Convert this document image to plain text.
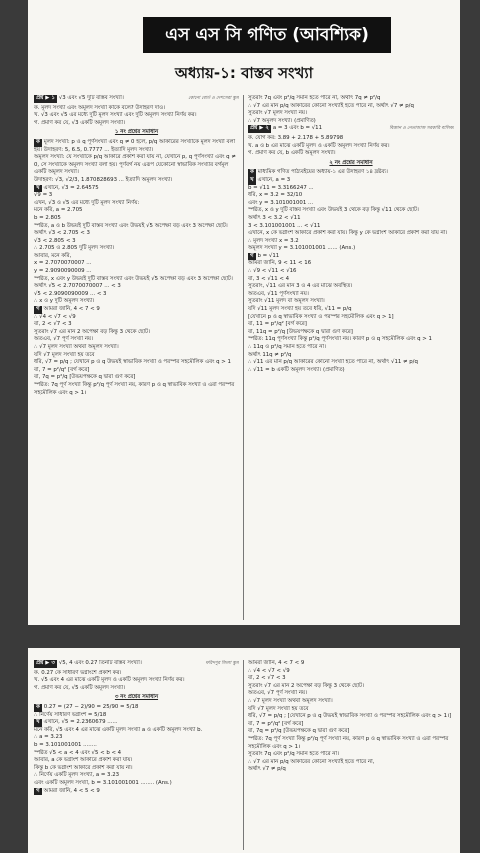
এস এস সি গণিত (আবশ্যিক)
অধ্যায়-১: বাস্তব সংখ্যা
প্রশ্ন ▶ ১ √3 এবং √5 দুটি বাস্তব সংখ্যা।	কোনো বোর্ড ও দেশসেরা স্কুল
ক. মূলদ সংখ্যা এবং অমূলদ সংখ্যা কাকে বলে? উদাহরণ দাও।
খ. √3 এবং √5 এর মধ্যে দুটি মূলদ সংখ্যা এবং দুটি অমূলদ সংখ্যা নির্ণয় কর।
গ. প্রমাণ কর যে, √3 একটি অমূলদ সংখ্যা।
১ নং প্রশ্নের সমাধান
ক মূলদ সংখ্যা: p ও q পূর্ণসংখ্যা এবং q ≠ 0 হলে, p/q আকারের সংখ্যাকে মূলদ সংখ্যা বলা হয়। উদাহরণ: 5, 6.5, 0.7777 ... ইত্যাদি মূলদ সংখ্যা।
অমূলদ সংখ্যা: যে সংখ্যাকে p/q আকারে প্রকাশ করা যায় না, যেখানে p, q পূর্ণসংখ্যা এবং q ≠ 0, সে সংখ্যাকে অমূলদ সংখ্যা বলা হয়। পূর্ণবর্গ নয় এরূপ যেকোনো স্বাভাবিক সংখ্যার বর্গমূল একটি অমূলদ সংখ্যা।
উদাহরণ: √3, √2/3, 1.870828693 ... ইত্যাদি অমূলদ সংখ্যা।
খ এখানে, √3 = 2.64575
√9 = 3
এখন, √3 ও √5 এর মধ্যে দুটি মূলদ সংখ্যা নির্ণয়:
মনে করি, a = 2.705
b = 2.805
স্পষ্টত, a ও b উভয়ই দুটি বাস্তব সংখ্যা এবং উভয়ই √5 অপেক্ষা বড় এবং 3 অপেক্ষা ছোট।
অর্থাৎ √3 < 2.705 < 3
√3 < 2.805 < 3
∴ 2.705 ও 2.805 দুটি মূলদ সংখ্যা।
আবার, মনে করি,
x = 2.7070070007 ...
y = 2.9090090009 ...
স্পষ্টত, x এবং y উভয়ই দুটি বাস্তব সংখ্যা এবং উভয়ই √5 অপেক্ষা বড় এবং 3 অপেক্ষা ছোট।
অর্থাৎ √5 < 2.7070070007 ... < 3
√5 < 2.9090090009 ... < 3
∴ x ও y দুটি অমূলদ সংখ্যা।
গ আমরা জানি, 4 < 7 < 9
∴ √4 < √7 < √9
বা, 2 < √7 < 3
সুতরাং √7 এর মান 2 অপেক্ষা বড় কিন্তু 3 থেকে ছোট।
অতএব, √7 পূর্ণ সংখ্যা নয়।
∴ √7 মূলদ সংখ্যা অথবা অমূলদ সংখ্যা।
যদি √7 মূলদ সংখ্যা হয় তবে
ধরি, √7 = p/q ; যেখানে p ও q উভয়ই স্বাভাবিক সংখ্যা ও পরস্পর সহমৌলিক এবং q > 1
বা, 7 = p²/q² [বর্গ করে]
বা, 7q = p²/q [উভয়পক্ষকে q দ্বারা গুণ করে]
স্পষ্টত: 7q পূর্ণ সংখ্যা কিন্তু p²/q পূর্ণ সংখ্যা নয়, কারণ p ও q স্বাভাবিক সংখ্যা ও এরা পরস্পর সহমৌলিক এবং q > 1।
সুতরাং 7q এবং p²/q সমান হতে পারে না, অর্থাৎ 7q ≠ p²/q
∴ √7 এর মান p/q আকারের কোনো সংখ্যাই হতে পারে না, অর্থাৎ √7 ≠ p/q
সুতরাং √7 মূলদ সংখ্যা নয়।
∴ √7 অমূলদ সংখ্যা। (প্রমাণিত)
প্রশ্ন ▶ ২ a = 3 এবং b = √11	বিজ্ঞান ও নেতাজাজ সরকারি বালিকা
ক. যোগ কর: 3.89 + 2.178 + 5.89798
খ. a ও b এর মাঝে একটি মূলদ ও একটি অমূলদ সংখ্যা নির্ণয় কর।
গ. প্রমাণ কর যে, b একটি অমূলদ সংখ্যা।
২ নং প্রশ্নের সমাধান
ক মাধ্যমিক গণিত পাঠ্যবইয়ের অধ্যায়-১ এর উদাহরণ ১৪ দ্রষ্টব্য।
খ এখানে, a = 3
b = √11 = 3.3166247 ...
ধরি, x = 3.2 = 32/10
এবং y = 3.101001001 ...
স্পষ্টত, x ও y দুটি বাস্তব সংখ্যা এবং উভয়ই 3 থেকে বড় কিন্তু √11 থেকে ছোট।
অর্থাৎ 3 < 3.2 < √11
3 < 3.101001001 ... < √11
এখানে, x কে ভগ্নাংশ আকারে প্রকাশ করা যায়। কিন্তু y কে ভগ্নাংশ আকারে প্রকাশ করা যায় না।
∴ মূলদ সংখ্যা x = 3.2
অমূলদ সংখ্যা y = 3.101001001 ...... (Ans.)
গ b = √11
আমরা জানি, 9 < 11 < 16
∴ √9 < √11 < √16
বা, 3 < √11 < 4
সুতরাং, √11 এর মান 3 ও 4 এর মাঝে অবস্থিত।
অতএব, √11 পূর্ণসংখ্যা নয়।
সুতরাং √11 মূলদ বা অমূলদ সংখ্যা।
যদি √11 মূলদ সংখ্যা হয় তবে ধরি, √11 = p/q
[যেখানে p ও q স্বাভাবিক সংখ্যা ও পরস্পর সহমৌলিক এবং q > 1]
বা, 11 = p²/q² [বর্গ করে]
বা, 11q = p²/q [উভয়পক্ষকে q দ্বারা গুণ করে]
স্পষ্টত: 11q পূর্ণসংখ্যা কিন্তু p²/q পূর্ণসংখ্যা নয়। কারণ p ও q সহমৌলিক এবং q > 1
∴ 11q ও p²/q সমান হতে পারে না।
অর্থাৎ 11q ≠ p²/q
∴ √11 এর মান p/q আকারের কোনো সংখ্যা হতে পারে না, অর্থাৎ √11 ≠ p/q
∴ √11 = b একটি অমূলদ সংখ্যা। (প্রমাণিত)
প্রশ্ন ▶ ৩ √5, 4 এবং 0.27 তিনটি বাস্তব সংখ্যা।	ফরিদপুর জিলা স্কুল
ক. 0.27 কে সাধারণ ভগ্নাংশে প্রকাশ কর।
খ. √5 এবং 4 এর মাঝে একটি মূলদ ও একটি অমূলদ সংখ্যা নির্ণয় কর।
গ. প্রমাণ কর যে, √5 একটি অমূলদ সংখ্যা।
৩ নং প্রশ্নের সমাধান
ক 0.27 = (27 − 2)/90 = 25/90 = 5/18
∴ নির্ণেয় সাধারণ ভগ্নাংশ = 5/18
খ এখানে, √5 = 2.2360679 ......
মনে করি, √5 এবং 4 এর মাঝে একটি মূলদ সংখ্যা a ও একটি অমূলদ সংখ্যা b.
∴ a = 3.23
b = 3.101001001 ........
স্পষ্টত √5 < a < 4 এবং √5 < b < 4
আবার, a কে ভগ্নাংশ আকারে প্রকাশ করা যায়।
কিন্তু b কে ভগ্নাংশ আকারে প্রকাশ করা যায় না।
∴ নির্ণেয় একটি মূলদ সংখ্যা, a = 3.23
এবং একটি অমূলদ সংখ্যা, b = 3.101001001 ........ (Ans.)
গ আমরা জানি, 4 < 5 < 9
আমরা জানি, 4 < 7 < 9
∴ √4 < √7 < √9
বা, 2 < √7 < 3
সুতরাং √7 এর মান 2 অপেক্ষা বড় কিন্তু 3 থেকে ছোট।
অতএব, √7 পূর্ণ সংখ্যা নয়।
∴ √7 মূলদ সংখ্যা অথবা অমূলদ সংখ্যা।
যদি √7 মূলদ সংখ্যা হয় তবে
ধরি, √7 = p/q ; [যেখানে p ও q উভয়ই স্বাভাবিক সংখ্যা ও পরস্পর সহমৌলিক এবং q > 1।]
বা, 7 = p²/q² [বর্গ করে]
বা, 7q = p²/q [উভয়পক্ষকে q দ্বারা গুণ করে]
স্পষ্টত: 7q পূর্ণ সংখ্যা কিন্তু p²/q পূর্ণ সংখ্যা নয়, কারণ p ও q স্বাভাবিক সংখ্যা ও এরা পরস্পর সহমৌলিক এবং q > 1।
সুতরাং 7q এবং p²/q সমান হতে পারে না।
∴ √7 এর মান p/q আকারের কোনো সংখ্যাই হতে পারে না,
অর্থাৎ √7 ≠ p/q
